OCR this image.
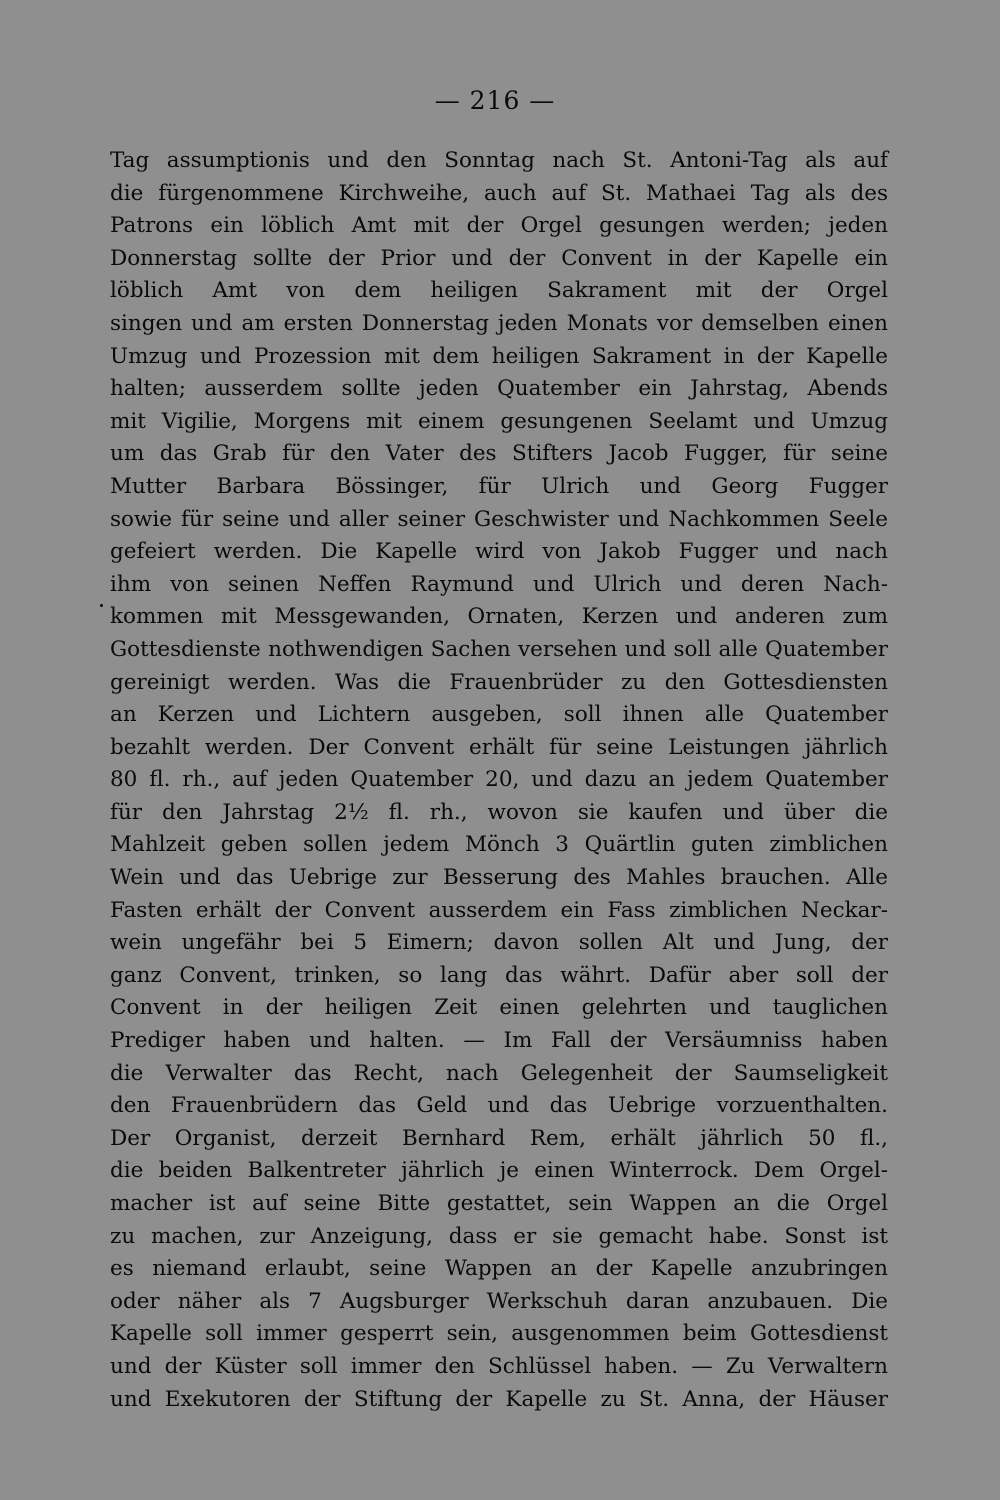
— 216 —
Tag assumptionis und den Sonntag nach St. Antoni-Tag als auf
die fürgenommene Kirchweihe, auch auf St. Mathaei Tag als des
Patrons ein löblich Amt mit der Orgel gesungen werden; jeden
Donnerstag sollte der Prior und der Convent in der Kapelle ein
löblich Amt von dem heiligen Sakrament mit der Orgel
singen und am ersten Donnerstag jeden Monats vor demselben einen
Umzug und Prozession mit dem heiligen Sakrament in der Kapelle
halten; ausserdem sollte jeden Quatember ein Jahrstag, Abends
mit Vigilie, Morgens mit einem gesungenen Seelamt und Umzug
um das Grab für den Vater des Stifters Jacob Fugger, für seine
Mutter Barbara Bössinger, für Ulrich und Georg Fugger
sowie für seine und aller seiner Geschwister und Nachkommen Seele
gefeiert werden. Die Kapelle wird von Jakob Fugger und nach
ihm von seinen Neffen Raymund und Ulrich und deren Nach-
kommen mit Messgewanden, Ornaten, Kerzen und anderen zum
Gottesdienste nothwendigen Sachen versehen und soll alle Quatember
gereinigt werden. Was die Frauenbrüder zu den Gottesdiensten
an Kerzen und Lichtern ausgeben, soll ihnen alle Quatember
bezahlt werden. Der Convent erhält für seine Leistungen jährlich
80 fl. rh., auf jeden Quatember 20, und dazu an jedem Quatember
für den Jahrstag 2½ fl. rh., wovon sie kaufen und über die
Mahlzeit geben sollen jedem Mönch 3 Quärtlin guten zimblichen
Wein und das Uebrige zur Besserung des Mahles brauchen. Alle
Fasten erhält der Convent ausserdem ein Fass zimblichen Neckar-
wein ungefähr bei 5 Eimern; davon sollen Alt und Jung, der
ganz Convent, trinken, so lang das währt. Dafür aber soll der
Convent in der heiligen Zeit einen gelehrten und tauglichen
Prediger haben und halten. — Im Fall der Versäumniss haben
die Verwalter das Recht, nach Gelegenheit der Saumseligkeit
den Frauenbrüdern das Geld und das Uebrige vorzuenthalten.
Der Organist, derzeit Bernhard Rem, erhält jährlich 50 fl.,
die beiden Balkentreter jährlich je einen Winterrock. Dem Orgel-
macher ist auf seine Bitte gestattet, sein Wappen an die Orgel
zu machen, zur Anzeigung, dass er sie gemacht habe. Sonst ist
es niemand erlaubt, seine Wappen an der Kapelle anzubringen
oder näher als 7 Augsburger Werkschuh daran anzubauen. Die
Kapelle soll immer gesperrt sein, ausgenommen beim Gottesdienst
und der Küster soll immer den Schlüssel haben. — Zu Verwaltern
und Exekutoren der Stiftung der Kapelle zu St. Anna, der Häuser
